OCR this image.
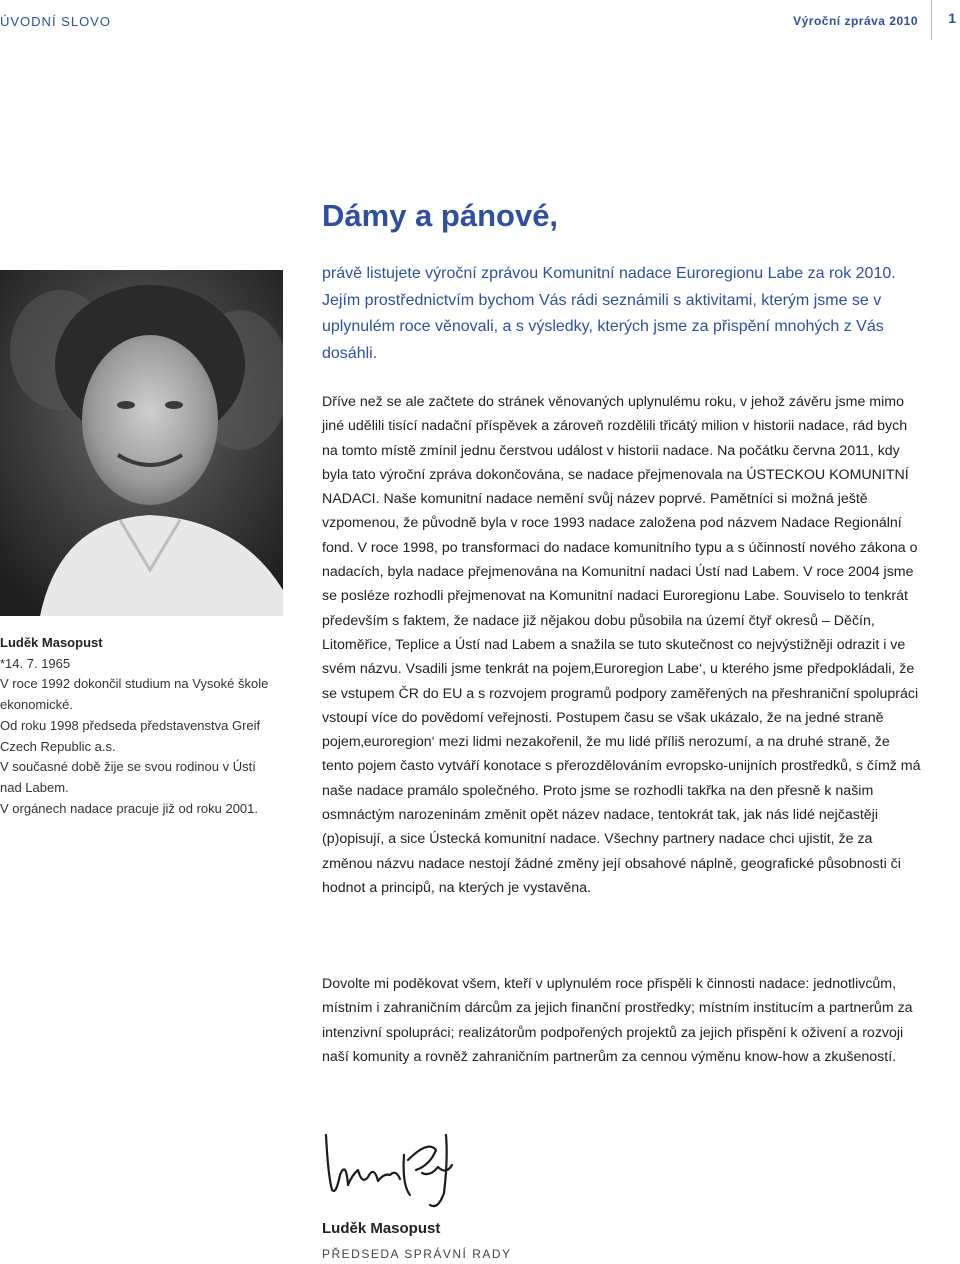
ÚVODNÍ SLOVO	Výroční zpráva 2010 1
Dámy a pánové,

právě listujete výroční zprávou Komunitní nadace Euroregionu Labe za rok 2010. Jejím prostřednictvím bychom Vás rádi seznámili s aktivitami, kterým jsme se v uplynulém roce věnovali, a s výsledky, kterých jsme za přispění mnohých z Vás dosáhli.

Dříve než se ale začtete do stránek věnovaných uplynulému roku, v jehož závěru jsme mimo jiné udělili tisící nadační příspěvek a zároveň rozdělili třicátý milion v historii nadace, rád bych na tomto místě zmínil jednu čerstvou událost v historii nadace. Na počátku června 2011, kdy byla tato výroční zpráva dokončována, se nadace přejmenovala na ÚSTECKOU KOMUNITNÍ NADACI. Naše komunitní nadace nemění svůj název poprvé. Pamětníci si možná ještě vzpomenou, že původně byla v roce 1993 nadace založena pod názvem Nadace Regionální fond. V roce 1998, po transformaci do nadace komunitního typu a s účinností nového zákona o nadacích, byla nadace přejmenována na Komunitní nadaci Ústí nad Labem. V roce 2004 jsme se posléze rozhodli přejmenovat na Komunitní nadaci Euroregionu Labe. Souviselo to tenkrát především s faktem, že nadace již nějakou dobu působila na území čtyř okresů – Děčín, Litoměřice, Teplice a Ústí nad Labem a snažila se tuto skutečnost co nejvýstižněji odrazit i ve svém názvu. Vsadili jsme tenkrát na pojem‚Euroregion Labe‘, u kterého jsme předpokládali, že se vstupem ČR do EU a s rozvojem programů podpory zaměřených na přeshraniční spolupráci vstoupí více do povědomí veřejnosti. Postupem času se však ukázalo, že na jedné straně pojem‚euroregion‘ mezi lidmi nezakořenil, že mu lidé příliš nerozumí, a na druhé straně, že tento pojem často vytváří konotace s přerozdělováním evropsko-unijních prostředků, s čímž má naše nadace pramálo společného. Proto jsme se rozhodli takřka na den přesně k našim osmnáctým narozeninám změnit opět název nadace, tentokrát tak, jak nás lidé nejčastěji (p)opisují, a sice Ústecká komunitní nadace. Všechny partnery nadace chci ujistit, že za změnou názvu nadace nestojí žádné změny její obsahové náplně, geografické působnosti či hodnot a principů, na kterých je vystavěna.

Dovolte mi poděkovat všem, kteří v uplynulém roce přispěli k činnosti nadace: jednotlivcům, místním i zahraničním dárcům za jejich finanční prostředky; místním institucím a partnerům za intenzivní spolupráci; realizátorům podpořených projektů za jejich přispění k oživení a rozvoji naší komunity a rovněž zahraničním partnerům za cennou výměnu know-how a zkušeností.

Luděk Masopust

*14. 7. 1965

V roce 1992 dokončil studium na Vysoké škole ekonomické.

Od roku 1998 předseda představenstva Greif Czech Republic a.s.

V současné době žije se svou rodinou v Ústí nad Labem.

V orgánech nadace pracuje již od roku 2001.

Luděk Masopust
PŘEDSEDA SPRÁVNÍ RADY
